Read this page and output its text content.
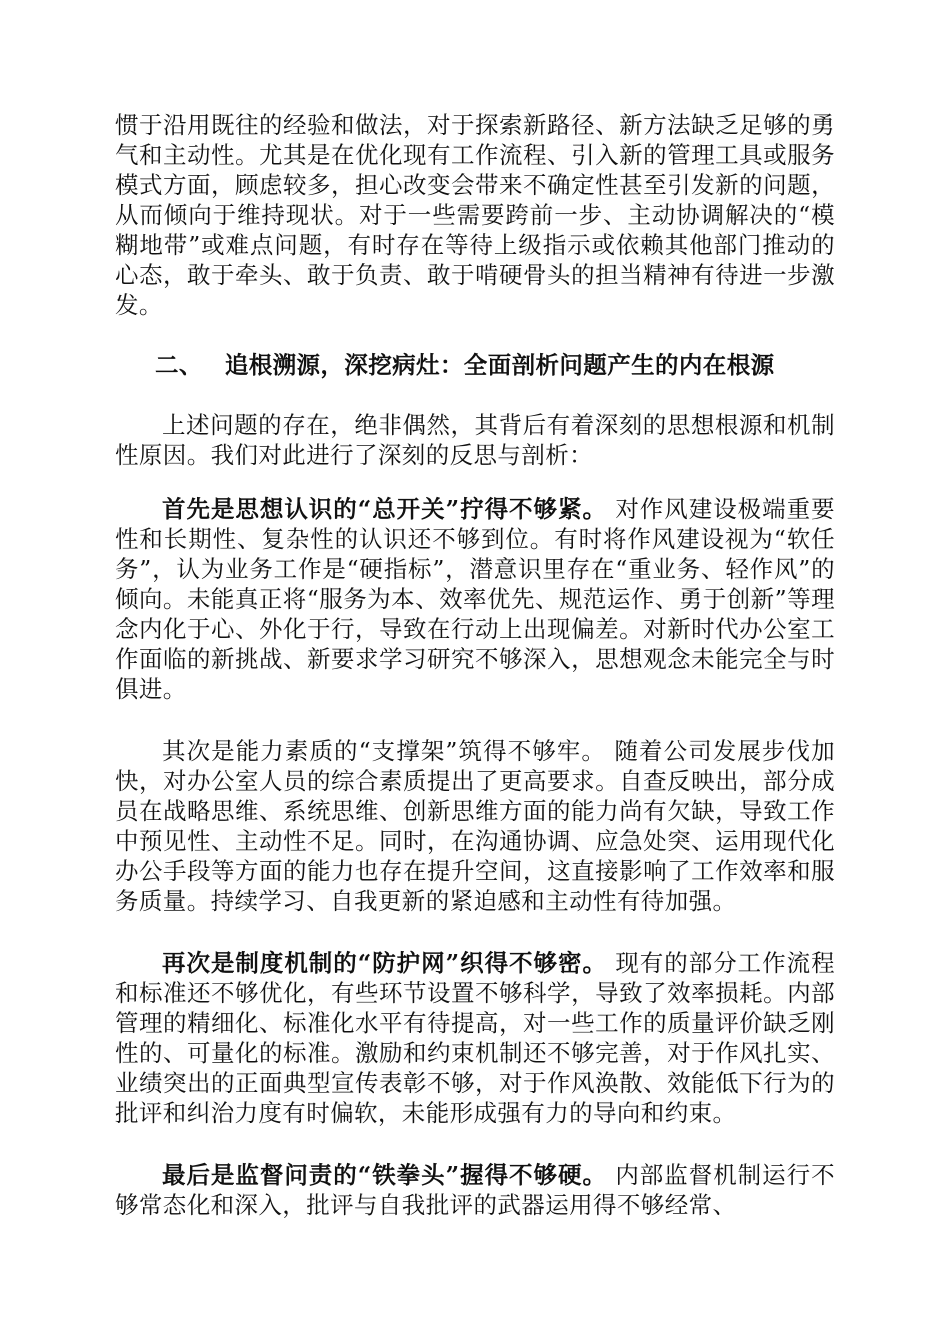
惯于沿用既往的经验和做法，对于探索新路径、新方法缺乏足够的勇气和主动性。尤其是在优化现有工作流程、引入新的管理工具或服务模式方面，顾虑较多，担心改变会带来不确定性甚至引发新的问题，从而倾向于维持现状。对于一些需要跨前一步、主动协调解决的“模糊地带”或难点问题，有时存在等待上级指示或依赖其他部门推动的心态，敢于牵头、敢于负责、敢于啃硬骨头的担当精神有待进一步激发。

二、 追根溯源，深挖病灶：全面剖析问题产生的内在根源

上述问题的存在，绝非偶然，其背后有着深刻的思想根源和机制性原因。我们对此进行了深刻的反思与剖析：

首先是思想认识的“总开关”拧得不够紧。 对作风建设极端重要性和长期性、复杂性的认识还不够到位。有时将作风建设视为“软任务”，认为业务工作是“硬指标”，潜意识里存在“重业务、轻作风”的倾向。未能真正将“服务为本、效率优先、规范运作、勇于创新”等理念内化于心、外化于行，导致在行动上出现偏差。对新时代办公室工作面临的新挑战、新要求学习研究不够深入，思想观念未能完全与时俱进。

其次是能力素质的“支撑架”筑得不够牢。 随着公司发展步伐加快，对办公室人员的综合素质提出了更高要求。自查反映出，部分成员在战略思维、系统思维、创新思维方面的能力尚有欠缺，导致工作中预见性、主动性不足。同时，在沟通协调、应急处突、运用现代化办公手段等方面的能力也存在提升空间，这直接影响了工作效率和服务质量。持续学习、自我更新的紧迫感和主动性有待加强。

再次是制度机制的“防护网”织得不够密。 现有的部分工作流程和标准还不够优化，有些环节设置不够科学，导致了效率损耗。内部管理的精细化、标准化水平有待提高，对一些工作的质量评价缺乏刚性的、可量化的标准。激励和约束机制还不够完善，对于作风扎实、业绩突出的正面典型宣传表彰不够，对于作风涣散、效能低下行为的批评和纠治力度有时偏软，未能形成强有力的导向和约束。

最后是监督问责的“铁拳头”握得不够硬。 内部监督机制运行不够常态化和深入，批评与自我批评的武器运用得不够经常、
